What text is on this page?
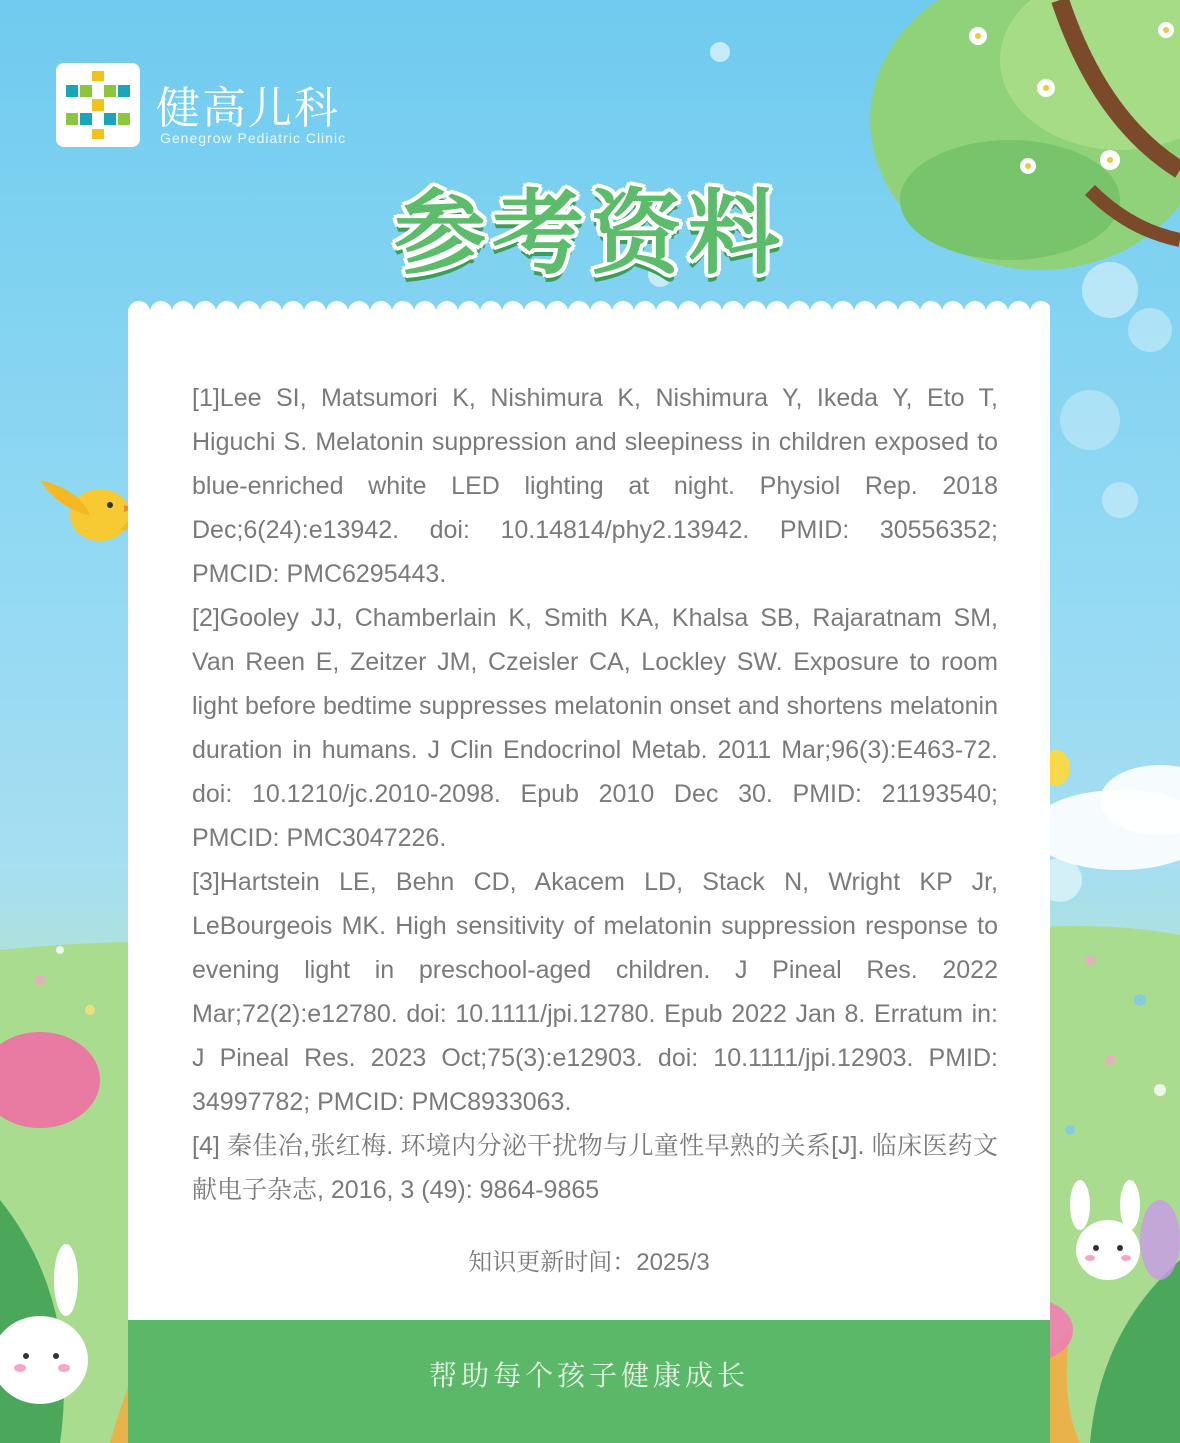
健高儿科
Genegrow Pediatric Clinic
参考资料

[1]Lee SI, Matsumori K, Nishimura K, Nishimura Y, Ikeda Y, Eto T, Higuchi S. Melatonin suppression and sleepiness in children exposed to blue-enriched white LED lighting at night. Physiol Rep. 2018 Dec;6(24):e13942. doi: 10.14814/phy2.13942. PMID: 30556352; PMCID: PMC6295443.

[2]Gooley JJ, Chamberlain K, Smith KA, Khalsa SB, Rajaratnam SM, Van Reen E, Zeitzer JM, Czeisler CA, Lockley SW. Exposure to room light before bedtime suppresses melatonin onset and shortens melatonin duration in humans. J Clin Endocrinol Metab. 2011 Mar;96(3):E463-72. doi: 10.1210/jc.2010-2098. Epub 2010 Dec 30. PMID: 21193540; PMCID: PMC3047226.

[3]Hartstein LE, Behn CD, Akacem LD, Stack N, Wright KP Jr, LeBourgeois MK. High sensitivity of melatonin suppression response to evening light in preschool-aged children. J Pineal Res. 2022 Mar;72(2):e12780. doi: 10.1111/jpi.12780. Epub 2022 Jan 8. Erratum in: J Pineal Res. 2023 Oct;75(3):e12903. doi: 10.1111/jpi.12903. PMID: 34997782; PMCID: PMC8933063.

[4] 秦佳冶,张红梅. 环境内分泌干扰物与儿童性早熟的关系[J]. 临床医药文献电子杂志, 2016, 3 (49): 9864-9865

知识更新时间：2025/3
帮助每个孩子健康成长
